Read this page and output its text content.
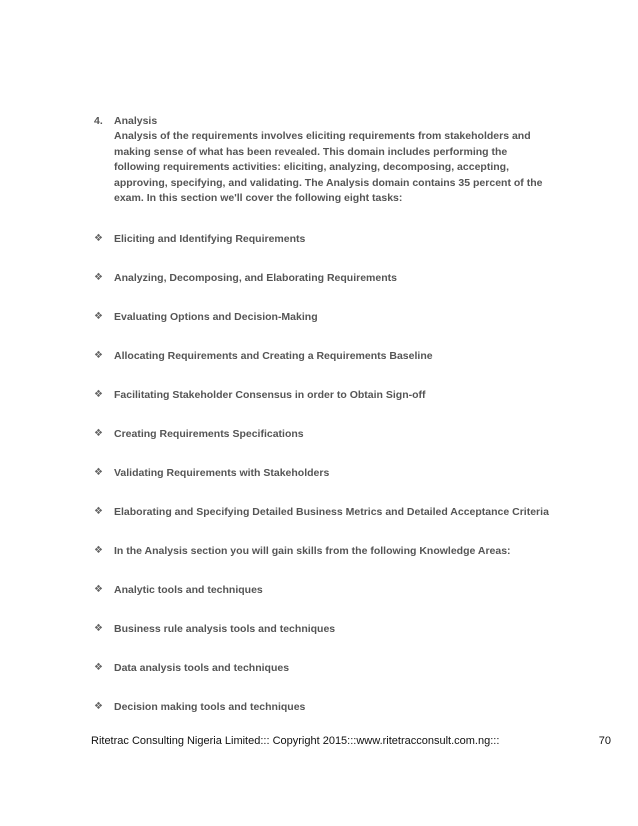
4.	Analysis
Analysis of the requirements involves eliciting requirements from stakeholders and making sense of what has been revealed. This domain includes performing the following requirements activities: eliciting, analyzing, decomposing, accepting, approving, specifying, and validating. The Analysis domain contains 35 percent of the exam. In this section we'll cover the following eight tasks:
❖	Eliciting and Identifying Requirements
❖	Analyzing, Decomposing, and Elaborating Requirements
❖	Evaluating Options and Decision-Making
❖	Allocating Requirements and Creating a Requirements Baseline
❖	Facilitating Stakeholder Consensus in order to Obtain Sign-off
❖	Creating Requirements Specifications
❖	Validating Requirements with Stakeholders
❖	Elaborating and Specifying Detailed Business Metrics and Detailed Acceptance Criteria
❖	In the Analysis section you will gain skills from the following Knowledge Areas:
❖	Analytic tools and techniques
❖	Business rule analysis tools and techniques
❖	Data analysis tools and techniques
❖	Decision making tools and techniques
Ritetrac Consulting Nigeria Limited::: Copyright 2015:::www.ritetracconsult.com.ng:::	70
